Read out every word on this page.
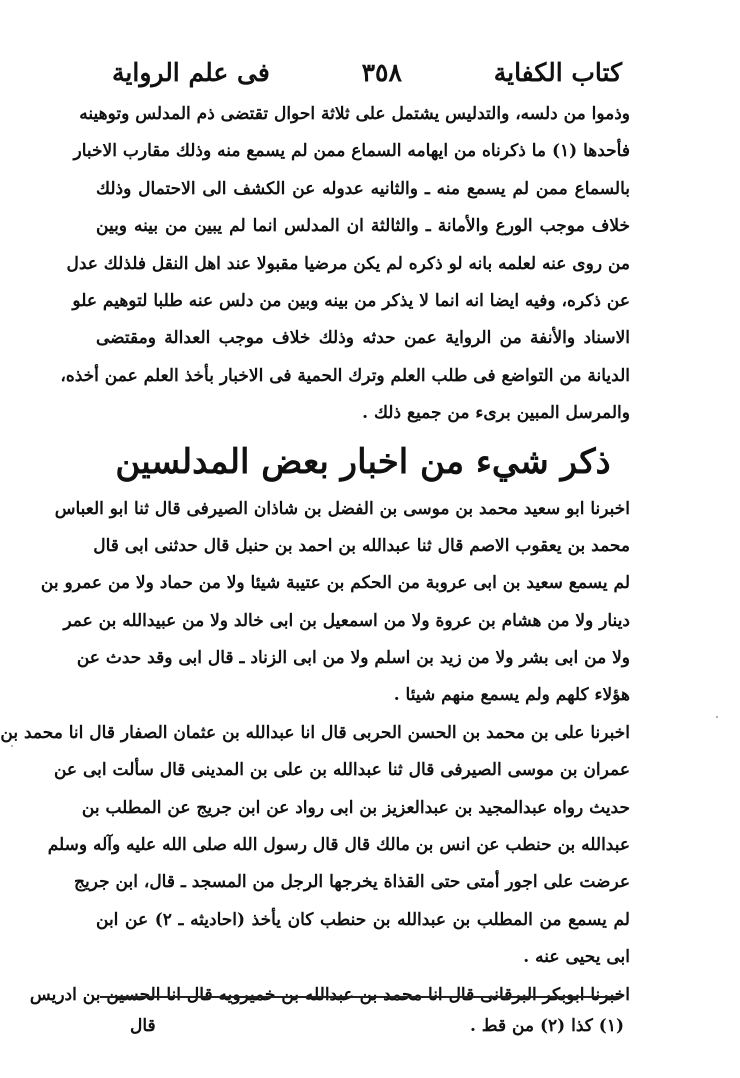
كتاب الكفاية
٣٥٨
فى علم الرواية
وذموا من دلسه، والتدليس يشتمل على ثلاثة احوال تقتضى ذم المدلس وتوهينه
فأحدها (١) ما ذكرناه من ايهامه السماع ممن لم يسمع منه وذلك مقارب الاخبار
بالسماع ممن لم يسمع منه ـ والثانيه عدوله عن الكشف الى الاحتمال وذلك
خلاف موجب الورع والأمانة ـ والثالثة ان المدلس انما لم يبين من بينه وبين
من روى عنه لعلمه بانه لو ذكره لم يكن مرضيا مقبولا عند اهل النقل فلذلك عدل
عن ذكره، وفيه ايضا انه انما لا يذكر من بينه وبين من دلس عنه طلبا لتوهيم علو
الاسناد والأنفة من الرواية عمن حدثه وذلك خلاف موجب العدالة ومقتضى
الديانة من التواضع فى طلب العلم وترك الحمية فى الاخبار بأخذ العلم عمن أخذه،
والمرسل المبين برىء من جميع ذلك .
ذكر شيء من اخبار بعض المدلسين
اخبرنا ابو سعيد محمد بن موسى بن الفضل بن شاذان الصيرفى قال ثنا ابو العباس
محمد بن يعقوب الاصم قال ثنا عبدالله بن احمد بن حنبل قال حدثنى ابى قال
لم يسمع سعيد بن ابى عروبة من الحكم بن عتيبة شيئا ولا من حماد ولا من عمرو بن
دينار ولا من هشام بن عروة ولا من اسمعيل بن ابى خالد ولا من عبيدالله بن عمر
ولا من ابى بشر ولا من زيد بن اسلم ولا من ابى الزناد ـ قال ابى وقد حدث عن
هؤلاء كلهم ولم يسمع منهم شيئا .
اخبرنا على بن محمد بن الحسن الحربى قال انا عبدالله بن عثمان الصفار قال انا محمد بن
عمران بن موسى الصيرفى قال ثنا عبدالله بن على بن المدينى قال سألت ابى عن
حديث رواه عبدالمجيد بن عبدالعزيز بن ابى رواد عن ابن جريج عن المطلب بن
عبدالله بن حنطب عن انس بن مالك قال قال رسول الله صلى الله عليه وآله وسلم
عرضت على اجور أمتى حتى القذاة يخرجها الرجل من المسجد ـ قال، ابن جريج
لم يسمع من المطلب بن عبدالله بن حنطب كان يأخذ (احاديثه ـ ٢) عن ابن
ابى يحيى عنه .
اخبرنا ابوبكر البرقانى قال انا محمد بن عبدالله بن خميرويه قال انا الحسين بن ادريس
(١) كذا (٢) من قط .
قال
